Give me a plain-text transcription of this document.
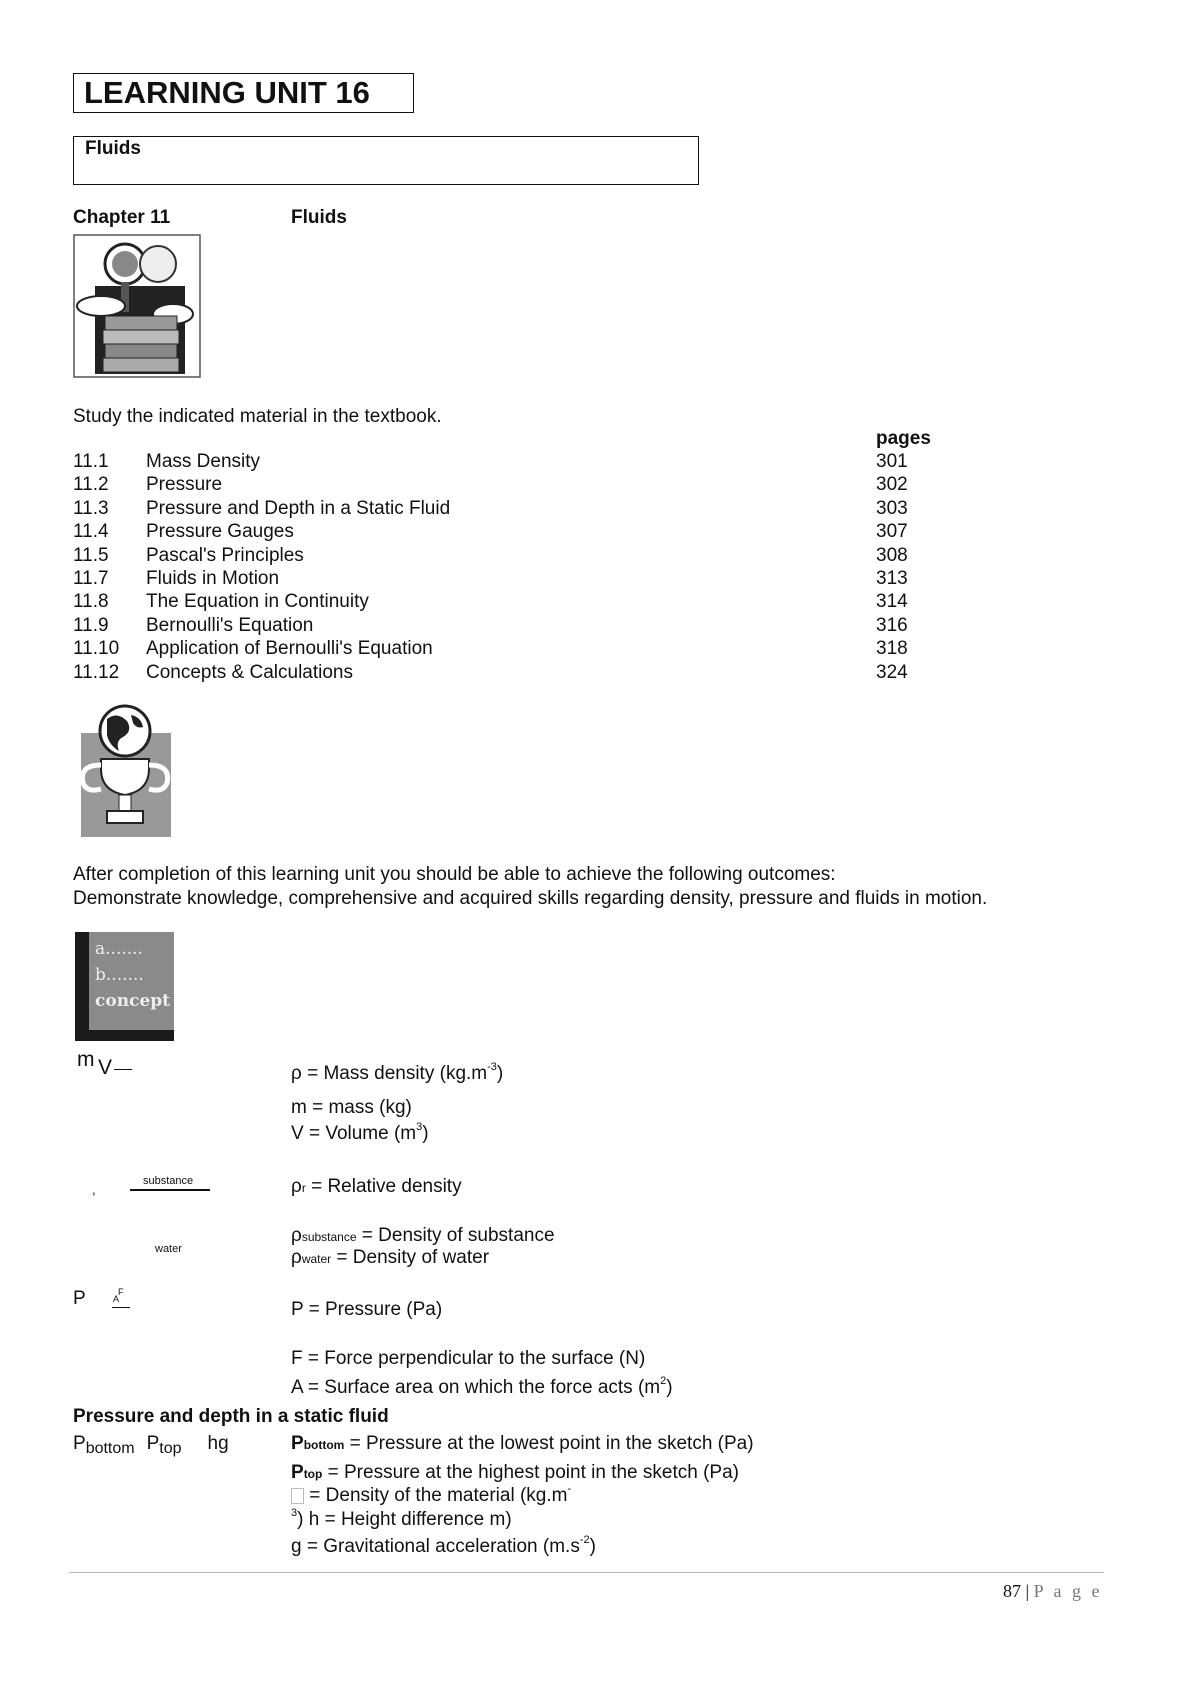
LEARNING UNIT 16
Fluids
Chapter 11	Fluids
Study the indicated material in the textbook.
pages
11.1 Mass Density	301
11.2 Pressure	302
11.3 Pressure and Depth in a Static Fluid	303
11.4 Pressure Gauges	307
11.5 Pascal's Principles	308
11.7 Fluids in Motion	313
11.8 The Equation in Continuity	314
11.9 Bernoulli's Equation	316
11.10 Application of Bernoulli's Equation	318
11.12 Concepts & Calculations	324
After completion of this learning unit you should be able to achieve the following outcomes:
Demonstrate knowledge, comprehensive and acquired skills regarding density, pressure and fluids in motion.
a.......
b.......
concept
m V	ρ = Mass density $(kg.m^{-3})$
m = mass (kg)
V = Volume $(m^3)$
,
substance
water
ρr = Relative density
ρsubstance = Density of substance
ρwater = Density of water
P	F
A	P = Pressure (Pa)
F = Force perpendicular to the surface (N)
A = Surface area on which the force acts $(m^2)$
Pressure and depth in a static fluid
$P_{bottom}$ $P_{top}$ hg	Pbottom = Pressure at the lowest point in the sketch (Pa)
Ptop = Pressure at the highest point in the sketch (Pa)
= Density of the material (kg.m-
$^3$) h = Height difference m)
g = Gravitational acceleration $(m.s^{-2})$
87 | P a g e
